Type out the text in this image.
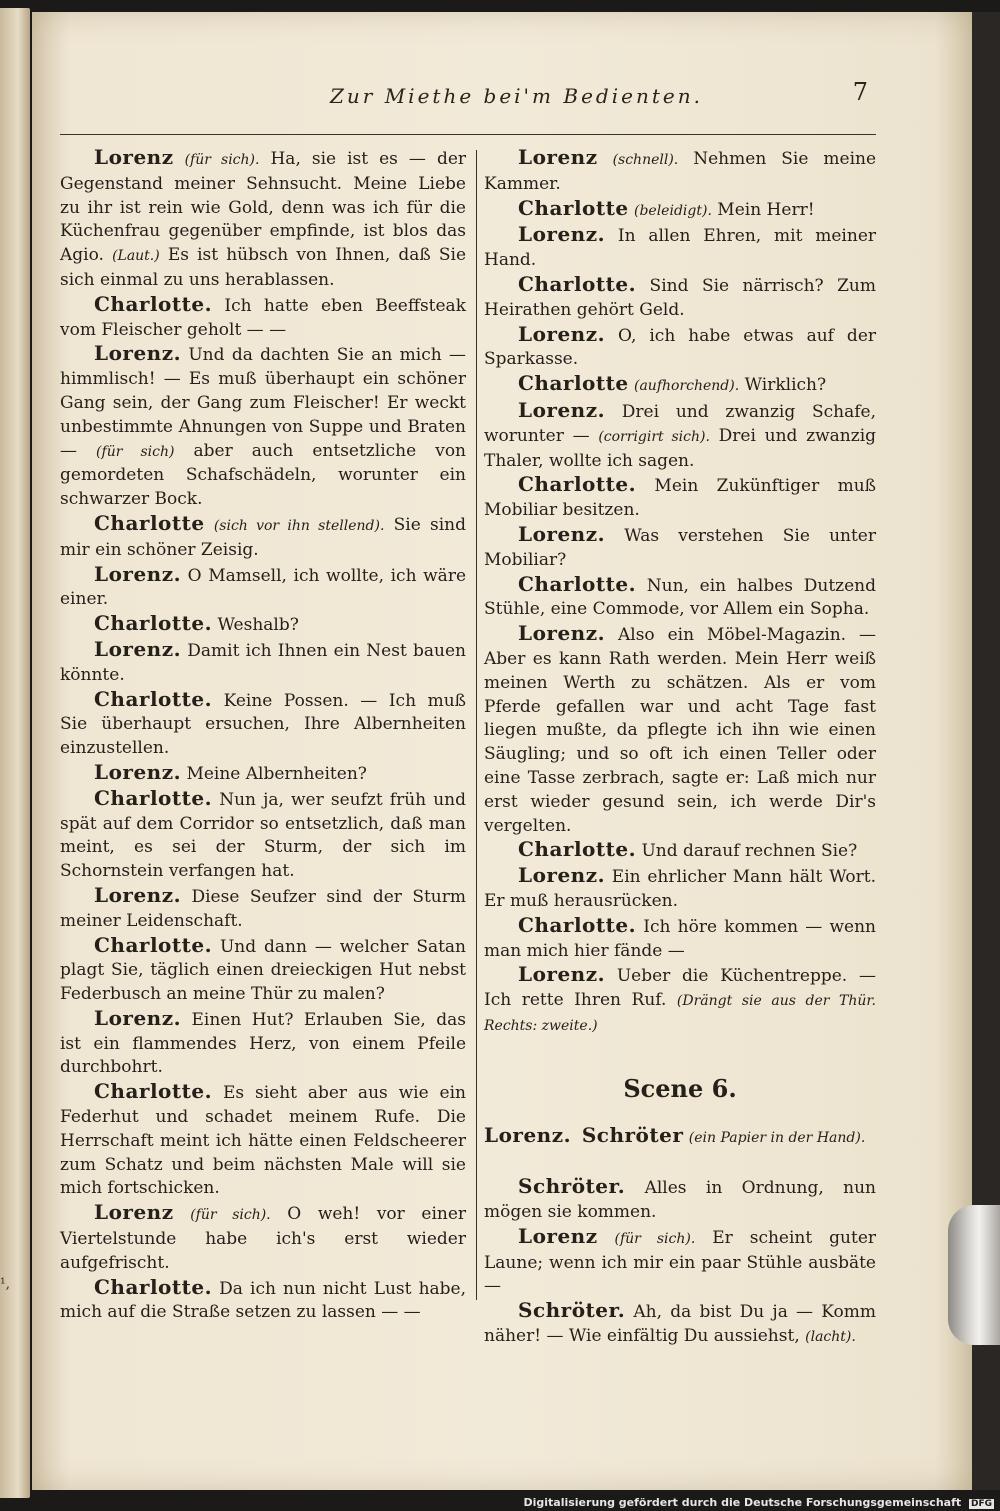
Zur Miethe bei'm Bedienten.	7

Lorenz (für sich). Ha, sie ist es — der Gegenstand meiner Sehnsucht. Meine Liebe zu ihr ist rein wie Gold, denn was ich für die Küchenfrau gegenüber empfinde, ist blos das Agio. (Laut.) Es ist hübsch von Ihnen, daß Sie sich einmal zu uns herablassen.

Charlotte. Ich hatte eben Beeffsteak vom Fleischer geholt — —

Lorenz. Und da dachten Sie an mich — himmlisch! — Es muß überhaupt ein schöner Gang sein, der Gang zum Fleischer! Er weckt unbestimmte Ahnungen von Suppe und Braten — (für sich) aber auch entsetzliche von gemordeten Schafschädeln, worunter ein schwarzer Bock.

Charlotte (sich vor ihn stellend). Sie sind mir ein schöner Zeisig.

Lorenz. O Mamsell, ich wollte, ich wäre einer.

Charlotte. Weshalb?

Lorenz. Damit ich Ihnen ein Nest bauen könnte.

Charlotte. Keine Possen. — Ich muß Sie überhaupt ersuchen, Ihre Albernheiten einzustellen.

Lorenz. Meine Albernheiten?

Charlotte. Nun ja, wer seufzt früh und spät auf dem Corridor so entsetzlich, daß man meint, es sei der Sturm, der sich im Schornstein verfangen hat.

Lorenz. Diese Seufzer sind der Sturm meiner Leidenschaft.

Charlotte. Und dann — welcher Satan plagt Sie, täglich einen dreieckigen Hut nebst Federbusch an meine Thür zu malen?

Lorenz. Einen Hut? Erlauben Sie, das ist ein flammendes Herz, von einem Pfeile durchbohrt.

Charlotte. Es sieht aber aus wie ein Federhut und schadet meinem Rufe. Die Herrschaft meint ich hätte einen Feldscheerer zum Schatz und beim nächsten Male will sie mich fortschicken.

Lorenz (für sich). O weh! vor einer Viertelstunde habe ich's erst wieder aufgefrischt.

Charlotte. Da ich nun nicht Lust habe, mich auf die Straße setzen zu lassen — —

Lorenz (schnell). Nehmen Sie meine Kammer.

Charlotte (beleidigt). Mein Herr!

Lorenz. In allen Ehren, mit meiner Hand.

Charlotte. Sind Sie närrisch? Zum Heirathen gehört Geld.

Lorenz. O, ich habe etwas auf der Sparkasse.

Charlotte (aufhorchend). Wirklich?

Lorenz. Drei und zwanzig Schafe, worunter — (corrigirt sich). Drei und zwanzig Thaler, wollte ich sagen.

Charlotte. Mein Zukünftiger muß Mobiliar besitzen.

Lorenz. Was verstehen Sie unter Mobiliar?

Charlotte. Nun, ein halbes Dutzend Stühle, eine Commode, vor Allem ein Sopha.

Lorenz. Also ein Möbel-Magazin. — Aber es kann Rath werden. Mein Herr weiß meinen Werth zu schätzen. Als er vom Pferde gefallen war und acht Tage fast liegen mußte, da pflegte ich ihn wie einen Säugling; und so oft ich einen Teller oder eine Tasse zerbrach, sagte er: Laß mich nur erst wieder gesund sein, ich werde Dir's vergelten.

Charlotte. Und darauf rechnen Sie?

Lorenz. Ein ehrlicher Mann hält Wort. Er muß herausrücken.

Charlotte. Ich höre kommen — wenn man mich hier fände —

Lorenz. Ueber die Küchentreppe. — Ich rette Ihren Ruf. (Drängt sie aus der Thür. Rechts: zweite.)

Scene 6.

Lorenz. Schröter (ein Papier in der Hand).

Schröter. Alles in Ordnung, nun mögen sie kommen.

Lorenz (für sich). Er scheint guter Laune; wenn ich mir ein paar Stühle ausbäte —

Schröter. Ah, da bist Du ja — Komm näher! — Wie einfältig Du aussiehst, (lacht).

¹,
Digitalisierung gefördert durch die Deutsche Forschungsgemeinschaft DFG
